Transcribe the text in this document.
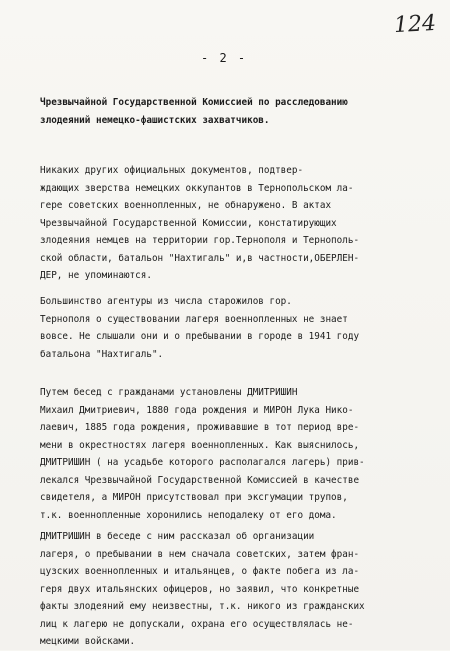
124
- 2 -
Чрезвычайной Государственной Комиссией по расследованию
злодеяний немецко-фашистских захватчиков.
Никаких других официальных документов, подтвер-
ждающих зверства немецких оккупантов в Тернопольском ла-
гере советских военнопленных, не обнаружено. В актах
Чрезвычайной Государственной Комиссии, констатирующих
злодеяния немцев на территории гор.Тернополя и Тернополь-
ской области, батальон "Нахтигаль" и,в частности,ОБЕРЛЕН-
ДЕР, не упоминаются.
Большинство агентуры из числа старожилов гор.
Тернополя о существовании лагеря военнопленных не знает
вовсе. Не слышали они и о пребывании в городе в 1941 году
батальона "Нахтигаль".
Путем бесед с гражданами установлены ДМИТРИШИН
Михаил Дмитриевич, 1880 года рождения и МИРОН Лука Нико-
лаевич, 1885 года рождения, проживавшие в тот период вре-
мени в окрестностях лагеря военнопленных. Как выяснилось,
ДМИТРИШИН ( на усадьбе которого располагался лагерь) прив-
лекался Чрезвычайной Государственной Комиссией в качестве
свидетеля, а МИРОН присутствовал при эксгумации трупов,
т.к. военнопленные хоронились неподалеку от его дома.
ДМИТРИШИН в беседе с ним рассказал об организации
лагеря, о пребывании в нем сначала советских, затем фран-
цузских военнопленных и итальянцев, о факте побега из ла-
геря двух итальянских офицеров, но заявил, что конкретные
факты злодеяний ему неизвестны, т.к. никого из гражданских
лиц к лагерю не допускали, охрана его осуществлялась не-
мецкими войсками.
